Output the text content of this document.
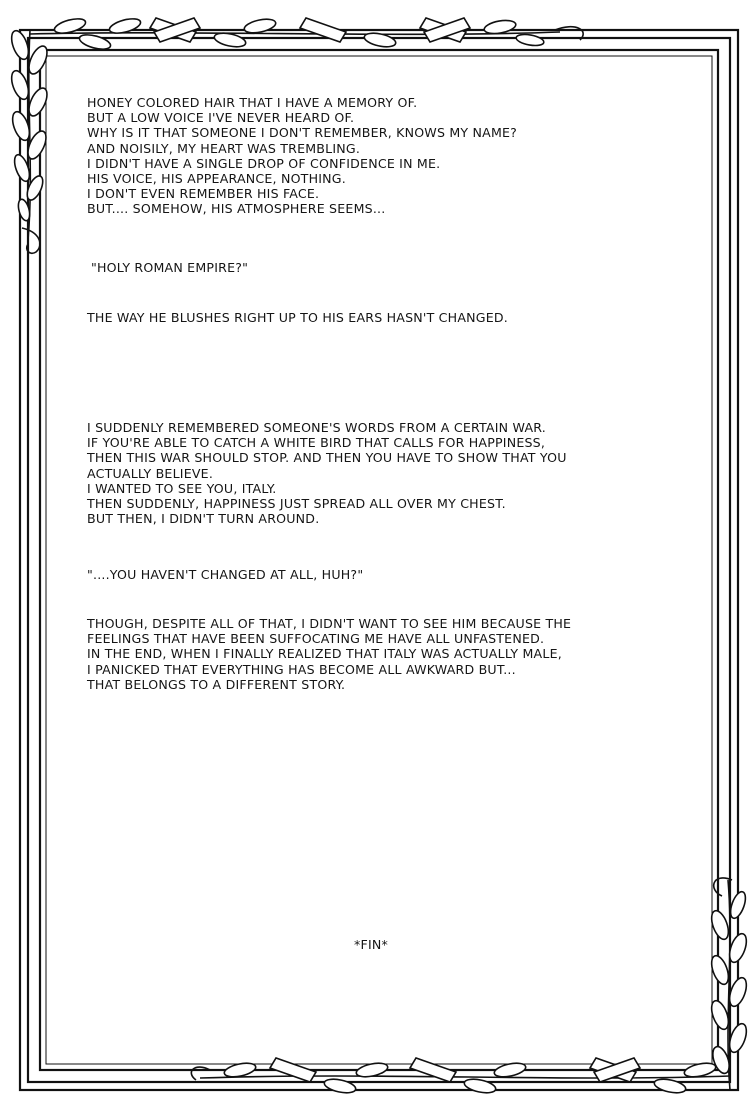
HONEY COLORED HAIR THAT I HAVE A MEMORY OF.
BUT A LOW VOICE I'VE NEVER HEARD OF.
WHY IS IT THAT SOMEONE I DON'T REMEMBER, KNOWS MY NAME?
AND NOISILY, MY HEART WAS TREMBLING.
I DIDN'T HAVE A SINGLE DROP OF CONFIDENCE IN ME.
HIS VOICE, HIS APPEARANCE, NOTHING.
I DON'T EVEN REMEMBER HIS FACE.
BUT.... SOMEHOW, HIS ATMOSPHERE SEEMS...
"HOLY ROMAN EMPIRE?"
THE WAY HE BLUSHES RIGHT UP TO HIS EARS HASN'T CHANGED.
I SUDDENLY REMEMBERED SOMEONE'S WORDS FROM A CERTAIN WAR.
IF YOU'RE ABLE TO CATCH A WHITE BIRD THAT CALLS FOR HAPPINESS,
THEN THIS WAR SHOULD STOP. AND THEN YOU HAVE TO SHOW THAT YOU
ACTUALLY BELIEVE.
I WANTED TO SEE YOU, ITALY.
THEN SUDDENLY, HAPPINESS JUST SPREAD ALL OVER MY CHEST.
BUT THEN, I DIDN'T TURN AROUND.
"....YOU HAVEN'T CHANGED AT ALL, HUH?"
THOUGH, DESPITE ALL OF THAT, I DIDN'T WANT TO SEE HIM BECAUSE THE
FEELINGS THAT HAVE BEEN SUFFOCATING ME HAVE ALL UNFASTENED.
IN THE END, WHEN I FINALLY REALIZED THAT ITALY WAS ACTUALLY MALE,
I PANICKED THAT EVERYTHING HAS BECOME ALL AWKWARD BUT...
THAT BELONGS TO A DIFFERENT STORY.
*FIN*
